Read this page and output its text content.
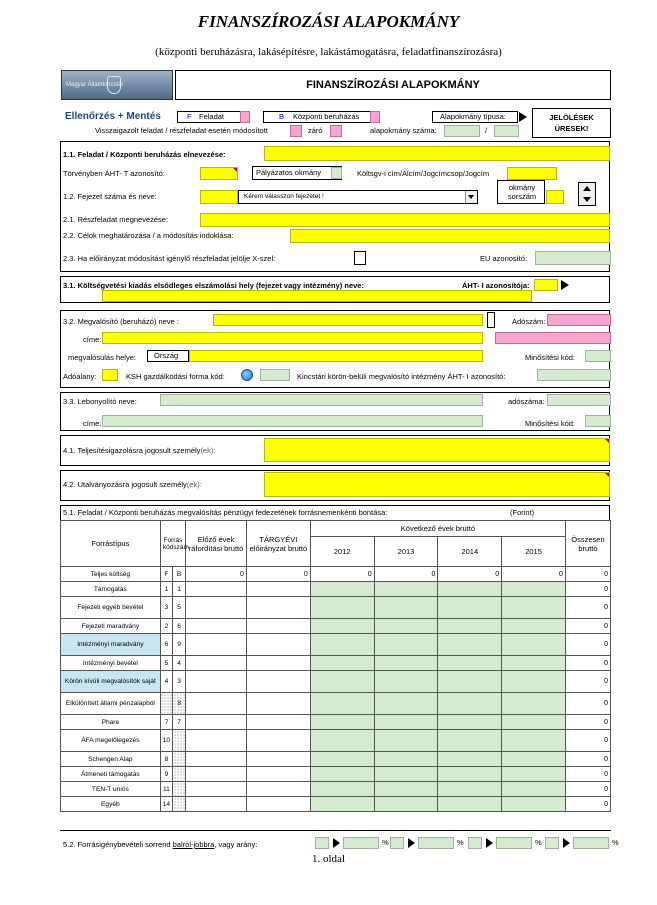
FINANSZÍROZÁSI ALAPOKMÁNY
(központi beruházásra, lakásépítésre, lakástámogatásra, feladatfinanszírozásra)
Magyar Államkincstár	FINANSZÍROZÁSI ALAPOKMÁNY
Ellenőrzés + Mentés	F Feladat	B Központi beruházás	Alapokmány típusa:	JELÖLÉSEK ÜRESEK!
Visszaigazolt feladat / részfeladat esetén módosított	záró	alapokmány száma:	/
1.1. Feladat / Központi beruházás elnevezése:
Törvényben ÁHT- T azonosító:	Pályázatos okmány	Költsgv-i cím/Alcím/Jogcímcsop/Jogcím
1.2. Fejezet száma és neve:	Kérem válasszon fejezetet !
okmány sorszám
2.1. Részfeladat megnevezése:
2.2. Célok meghatározása / a módosítás indoklása:
2.3. Ha előirányzat módosítást igénylő részfeladat jelölje X-szel:	EU azonosító:
3.1. Költségvetési kiadás elsődleges elszámolási hely (fejezet vagy intézmény) neve:	ÁHT- I azonosítója:
3.2. Megvalósító (beruházó) neve :	Adószám:
címe:
megvalósulás helye: Ország	Minősítési kód:
Adóalany:	KSH gazdálkodási forma kód:	Kincstári körön-belüli megvalósító intézmény ÁHT- I azonosító:
3.3. Lebonyolító neve:	adószáma:
címe:	Minősítési kód:
4.1. Teljesítésigazolásra jogosult személy(ek):
4.2. Utalványozásra jogosult személy(ek):
5.1. Feladat / Központi beruházás megvalósítás pénzügyi fedezetének forrásnemenkénti bontása:	(Forint)
Forrástípus	Forrás kódszám		Előző évek ráfordítási bruttó	TÁRGYÉVI előirányzat bruttó	Következő évek bruttó				Összesen bruttó
					2012	2013	2014	2015	
Teljes költség	F	B	0	0	0	0	0	0	0
Támogatás	1	1							0
Fejezeti egyéb bevétel	3	5							0
Fejezeti maradvány	2	6							0
Intézményi maradvány	6	9							0
Intézményi bevétel	5	4							0
Körön kívüli megvalósítók saját	4	3							0
Elkülönített állami pénzalapból		8							0
Phare	7	7							0
ÁFA megelőlegezés	10								0
Schengen Alap	8								0
Átmeneti támogatás	9								0
TEN-T uniós	11								0
Egyéb	14								0
5.2. Forrásigénybevételi sorrend balról-jobbra, vagy arány:	%	%	%	%
1. oldal
